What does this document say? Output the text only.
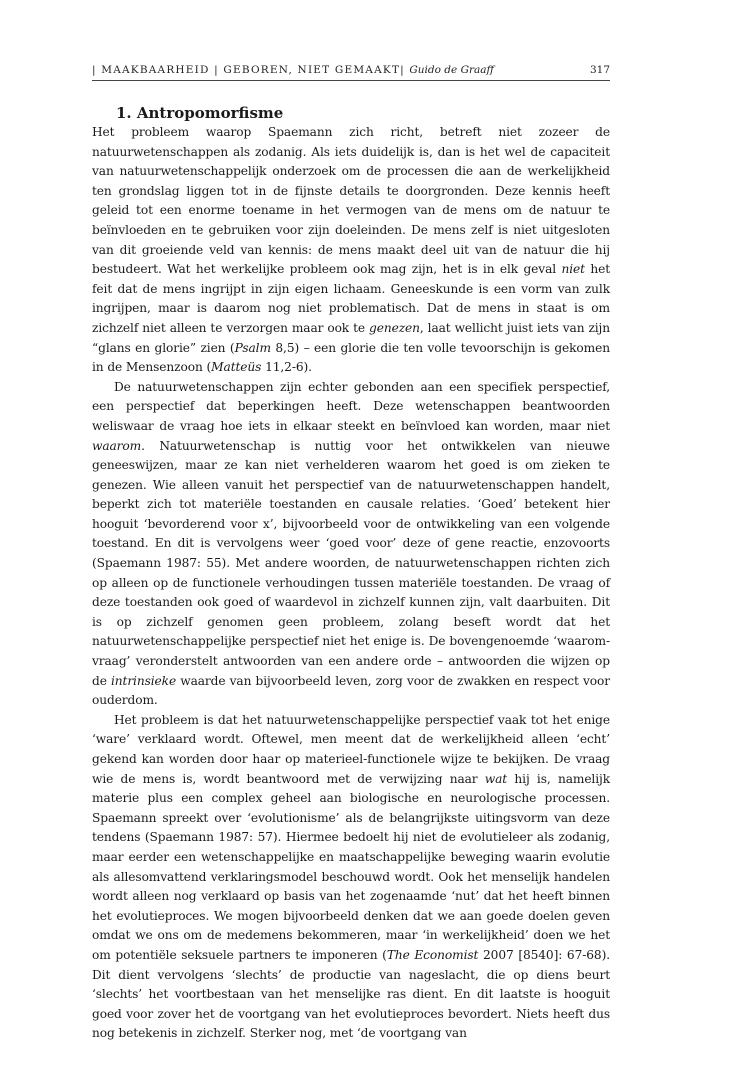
| MAAKBAARHEID | GEBOREN, NIET GEMAAKT| Guido de Graaff	317
1. Antropomorfisme

Het probleem waarop Spaemann zich richt, betreft niet zozeer de natuurwetenschappen als zodanig. Als iets duidelijk is, dan is het wel de capaciteit van natuurwetenschappelijk onderzoek om de processen die aan de werkelijkheid ten grondslag liggen tot in de fijnste details te doorgronden. Deze kennis heeft geleid tot een enorme toename in het vermogen van de mens om de natuur te beïnvloeden en te gebruiken voor zijn doeleinden. De mens zelf is niet uitgesloten van dit groeiende veld van kennis: de mens maakt deel uit van de natuur die hij bestudeert. Wat het werkelijke probleem ook mag zijn, het is in elk geval niet het feit dat de mens ingrijpt in zijn eigen lichaam. Geneeskunde is een vorm van zulk ingrijpen, maar is daarom nog niet problematisch. Dat de mens in staat is om zichzelf niet alleen te verzorgen maar ook te genezen, laat wellicht juist iets van zijn “glans en glorie” zien (Psalm 8,5) – een glorie die ten volle tevoorschijn is gekomen in de Mensenzoon (Matteüs 11,2-6).

De natuurwetenschappen zijn echter gebonden aan een specifiek perspectief, een perspectief dat beperkingen heeft. Deze wetenschappen beantwoorden weliswaar de vraag hoe iets in elkaar steekt en beïnvloed kan worden, maar niet waarom. Natuurwetenschap is nuttig voor het ontwikkelen van nieuwe geneeswijzen, maar ze kan niet verhelderen waarom het goed is om zieken te genezen. Wie alleen vanuit het perspectief van de natuurwetenschappen handelt, beperkt zich tot materiële toestanden en causale relaties. ‘Goed’ betekent hier hooguit ‘bevorderend voor x’, bijvoorbeeld voor de ontwikkeling van een volgende toestand. En dit is vervolgens weer ‘goed voor’ deze of gene reactie, enzovoorts (Spaemann 1987: 55). Met andere woorden, de natuurwetenschappen richten zich op alleen op de functionele verhoudingen tussen materiële toestanden. De vraag of deze toestanden ook goed of waardevol in zichzelf kunnen zijn, valt daarbuiten. Dit is op zichzelf genomen geen probleem, zolang beseft wordt dat het natuurwetenschappelijke perspectief niet het enige is. De bovengenoemde ‘waarom-vraag’ veronderstelt antwoorden van een andere orde – antwoorden die wijzen op de intrinsieke waarde van bijvoorbeeld leven, zorg voor de zwakken en respect voor ouderdom.

Het probleem is dat het natuurwetenschappelijke perspectief vaak tot het enige ‘ware’ verklaard wordt. Oftewel, men meent dat de werkelijkheid alleen ‘echt’ gekend kan worden door haar op materieel-functionele wijze te bekijken. De vraag wie de mens is, wordt beantwoord met de verwijzing naar wat hij is, namelijk materie plus een complex geheel aan biologische en neurologische processen. Spaemann spreekt over ‘evolutionisme’ als de belangrijkste uitingsvorm van deze tendens (Spaemann 1987: 57). Hiermee bedoelt hij niet de evolutieleer als zodanig, maar eerder een wetenschappelijke en maatschappelijke beweging waarin evolutie als allesomvattend verklaringsmodel beschouwd wordt. Ook het menselijk handelen wordt alleen nog verklaard op basis van het zogenaamde ‘nut’ dat het heeft binnen het evolutieproces. We mogen bijvoorbeeld denken dat we aan goede doelen geven omdat we ons om de medemens bekommeren, maar ‘in werkelijkheid’ doen we het om potentiële seksuele partners te imponeren (The Economist 2007 [8540]: 67-68). Dit dient vervolgens ‘slechts’ de productie van nageslacht, die op diens beurt ‘slechts’ het voortbestaan van het menselijke ras dient. En dit laatste is hooguit goed voor zover het de voortgang van het evolutieproces bevordert. Niets heeft dus nog betekenis in zichzelf. Sterker nog, met ‘de voortgang van
